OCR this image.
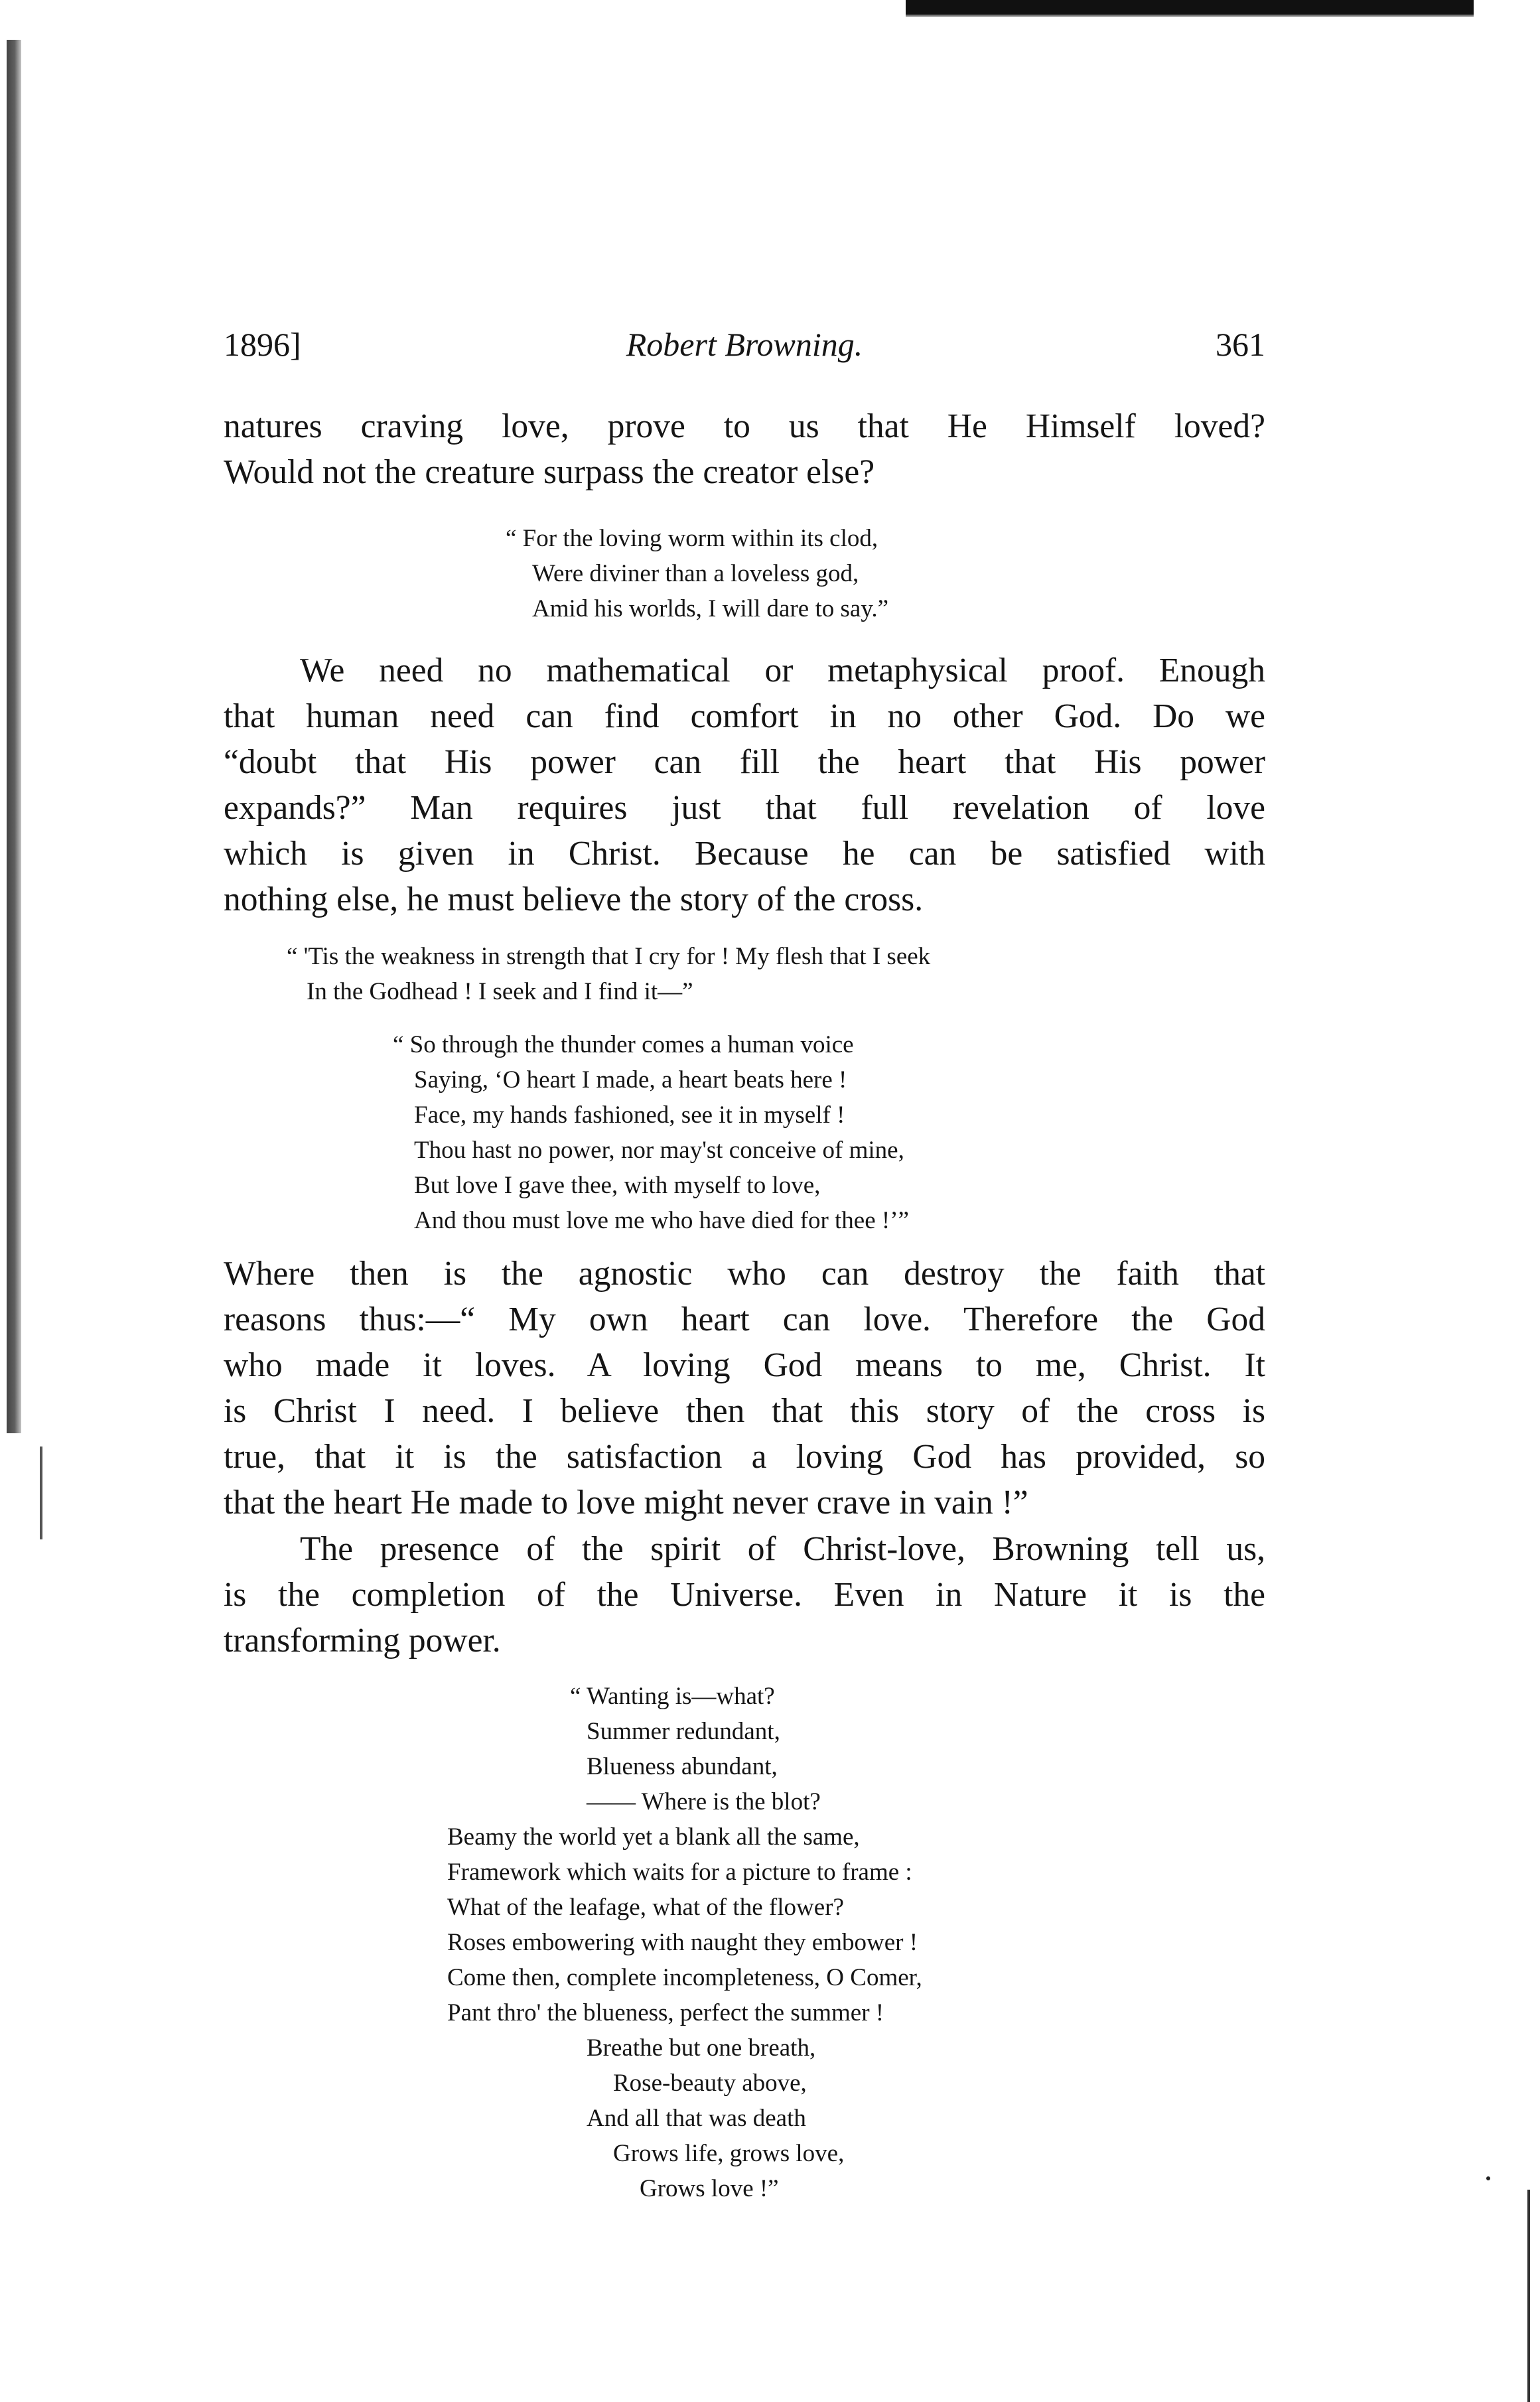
1896]	Robert Browning.	361
natures craving love, prove to us that He Himself loved?
Would not the creature surpass the creator else?
“ For the loving worm within its clod,
Were diviner than a loveless god,
Amid his worlds, I will dare to say.”
We need no mathematical or metaphysical proof. Enough
that human need can find comfort in no other God. Do we
“doubt that His power can fill the heart that His power
expands?” Man requires just that full revelation of love
which is given in Christ. Because he can be satisfied with
nothing else, he must believe the story of the cross.
“ 'Tis the weakness in strength that I cry for ! My flesh that I seek
In the Godhead ! I seek and I find it—”
“ So through the thunder comes a human voice
Saying, ‘O heart I made, a heart beats here !
Face, my hands fashioned, see it in myself !
Thou hast no power, nor may'st conceive of mine,
But love I gave thee, with myself to love,
And thou must love me who have died for thee !’”
Where then is the agnostic who can destroy the faith that
reasons thus:—“ My own heart can love. Therefore the God
who made it loves. A loving God means to me, Christ. It
is Christ I need. I believe then that this story of the cross is
true, that it is the satisfaction a loving God has provided, so
that the heart He made to love might never crave in vain !”
The presence of the spirit of Christ-love, Browning tell us,
is the completion of the Universe. Even in Nature it is the
transforming power.
“ Wanting is—what?
Summer redundant,
Blueness abundant,
—— Where is the blot?
Beamy the world yet a blank all the same,
Framework which waits for a picture to frame :
What of the leafage, what of the flower?
Roses embowering with naught they embower !
Come then, complete incompleteness, O Comer,
Pant thro' the blueness, perfect the summer !
Breathe but one breath,
Rose-beauty above,
And all that was death
Grows life, grows love,
Grows love !”
